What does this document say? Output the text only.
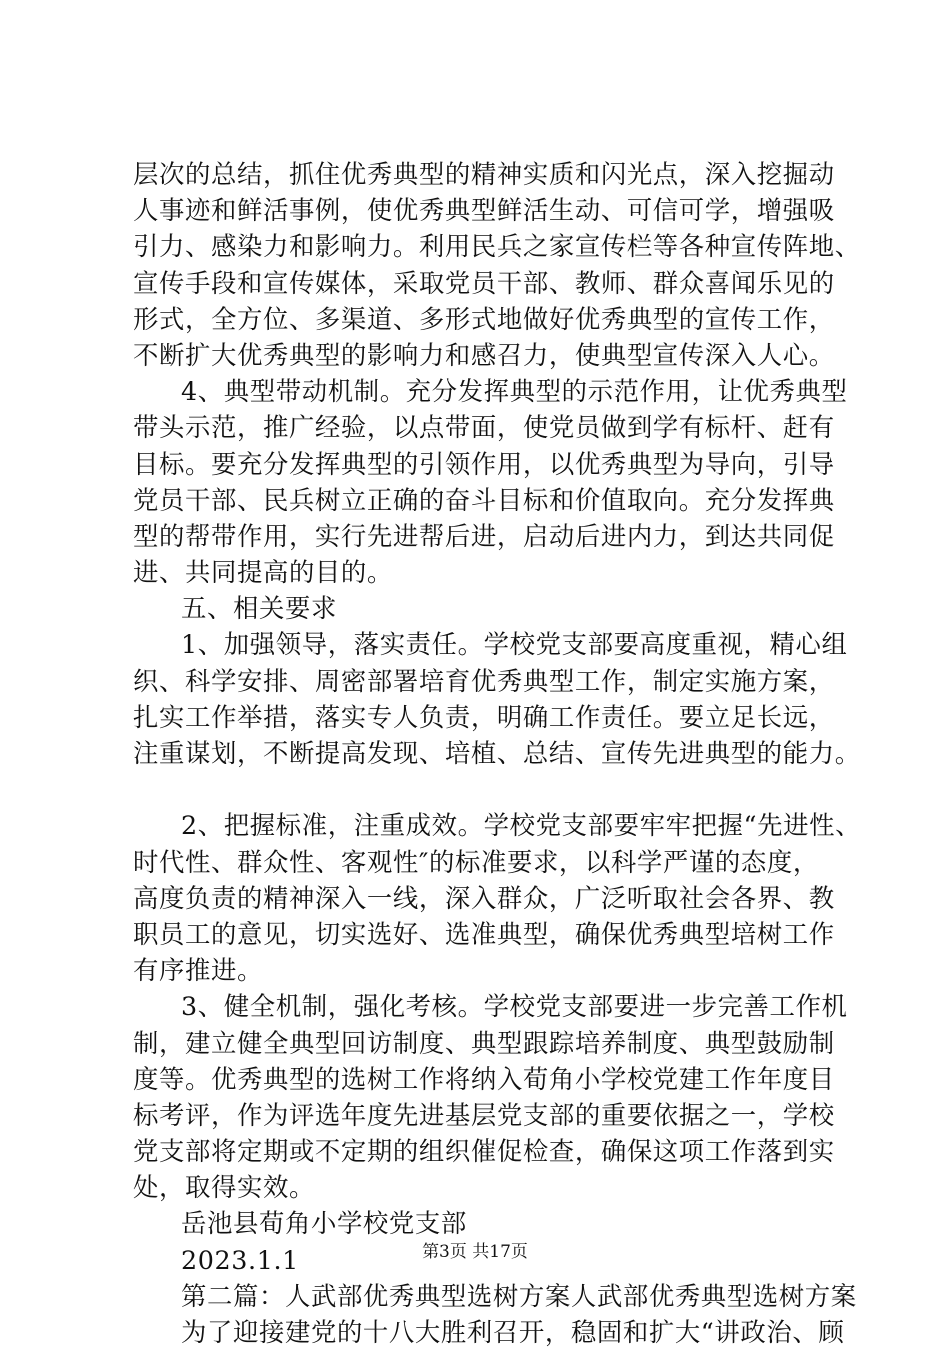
层次的总结，抓住优秀典型的精神实质和闪光点，深入挖掘动
人事迹和鲜活事例，使优秀典型鲜活生动、可信可学，增强吸
引力、感染力和影响力。利用民兵之家宣传栏等各种宣传阵地、
宣传手段和宣传媒体，采取党员干部、教师、群众喜闻乐见的
形式，全方位、多渠道、多形式地做好优秀典型的宣传工作，
不断扩大优秀典型的影响力和感召力，使典型宣传深入人心。
4、典型带动机制。充分发挥典型的示范作用，让优秀典型
带头示范，推广经验，以点带面，使党员做到学有标杆、赶有
目标。要充分发挥典型的引领作用，以优秀典型为导向，引导
党员干部、民兵树立正确的奋斗目标和价值取向。充分发挥典
型的帮带作用，实行先进帮后进，启动后进内力，到达共同促
进、共同提高的目的。
五、相关要求
1、加强领导，落实责任。学校党支部要高度重视，精心组
织、科学安排、周密部署培育优秀典型工作，制定实施方案，
扎实工作举措，落实专人负责，明确工作责任。要立足长远，
注重谋划，不断提高发现、培植、总结、宣传先进典型的能力。
2、把握标准，注重成效。学校党支部要牢牢把握“先进性、
时代性、群众性、客观性″的标准要求，以科学严谨的态度，
高度负责的精神深入一线，深入群众，广泛听取社会各界、教
职员工的意见，切实选好、选准典型，确保优秀典型培树工作
有序推进。
3、健全机制，强化考核。学校党支部要进一步完善工作机
制，建立健全典型回访制度、典型跟踪培养制度、典型鼓励制
度等。优秀典型的选树工作将纳入荀角小学校党建工作年度目
标考评，作为评选年度先进基层党支部的重要依据之一，学校
党支部将定期或不定期的组织催促检查，确保这项工作落到实
处，取得实效。
岳池县荀角小学校党支部
2023.1.1
第二篇：人武部优秀典型选树方案人武部优秀典型选树方案
为了迎接建党的十八大胜利召开，稳固和扩大“讲政治、顾
第3页 共17页
